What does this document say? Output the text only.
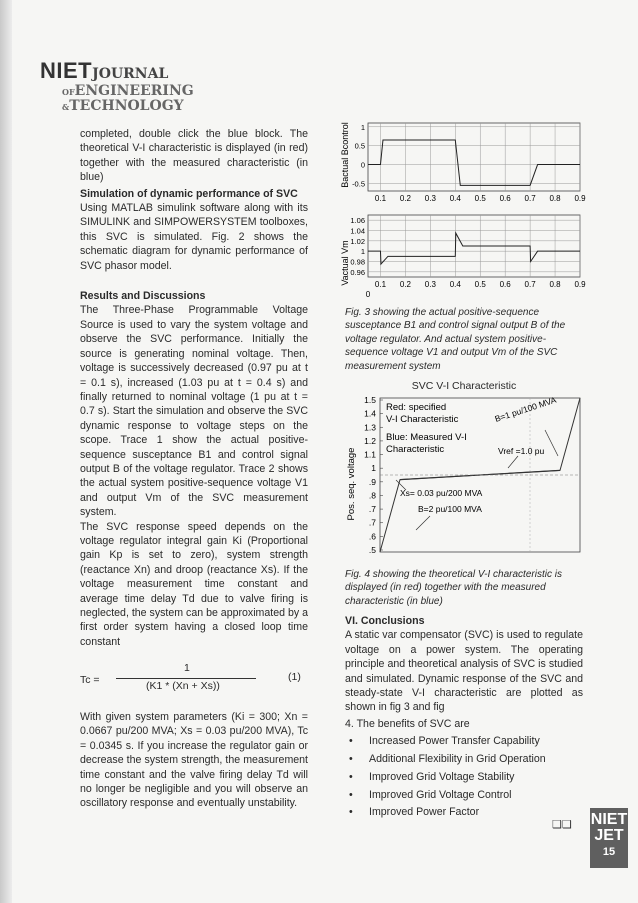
NIETJOURNAL
OFENGINEERING
&TECHNOLOGY

completed, double click the blue block. The theoretical V-I characteristic is displayed (in red) together with the measured characteristic (in blue)

Simulation of dynamic performance of SVC

Using MATLAB simulink software along with its SIMULINK and SIMPOWERSYSTEM toolboxes, this SVC is simulated. Fig. 2 shows the schematic diagram for dynamic performance of SVC phasor model.

Results and Discussions

The Three-Phase Programmable Voltage Source is used to vary the system voltage and observe the SVC performance. Initially the source is generating nominal voltage. Then, voltage is successively decreased (0.97 pu at t = 0.1 s), increased (1.03 pu at t = 0.4 s) and finally returned to nominal voltage (1 pu at t = 0.7 s). Start the simulation and observe the SVC dynamic response to voltage steps on the scope. Trace 1 show the actual positive-sequence susceptance B1 and control signal output B of the voltage regulator. Trace 2 shows the actual system positive-sequence voltage V1 and output Vm of the SVC measurement system.

The SVC response speed depends on the voltage regulator integral gain Ki (Proportional gain Kp is set to zero), system strength (reactance Xn) and droop (reactance Xs). If the voltage measurement time constant and average time delay Td due to valve firing is neglected, the system can be approximated by a first order system having a closed loop time constant

Tc =
1
(K1 * (Xn + Xs))
(1)

With given system parameters (Ki = 300; Xn = 0.0667 pu/200 MVA; Xs = 0.03 pu/200 MVA), Tc = 0.0345 s. If you increase the regulator gain or decrease the system strength, the measurement time constant and the valve firing delay Td will no longer be negligible and you will observe an oscillatory response and eventually unstability.

0.1 0.2 0.3 0.4 0.5 0.6 0.7 0.8 0.9
1
0.5
0
-0.5
0.1 0.2 0.3 0.4 0.5 0.6 0.7 0.8 0.9
1.06
1.04
1.02
1
0.98
0.96
Bactual Bcontrol
Vactual Vm
0
Fig. 3 showing the actual positive-sequence susceptance B1 and control signal output B of the voltage regulator. And actual system positive-sequence voltage V1 and output Vm of the SVC measurement system
SVC V-I Characteristic
1.5
1.4
1.3
1.2
1.1
1
.9
.8
.7
.7
.6
.5
Pos. seq. voltage
Red: specified
V-I Characteristic
Blue: Measured V-I
Characteristic
B=1 pu/100 MVA
Vref =1.0 pu
Xs= 0.03 pu/200 MVA
B=2 pu/100 MVA
Fig. 4 showing the theoretical V-I characteristic is displayed (in red) together with the measured characteristic (in blue)

VI. Conclusions

A static var compensator (SVC) is used to regulate voltage on a power system. The operating principle and theoretical analysis of SVC is studied and simulated. Dynamic response of the SVC and steady-state V-I characteristic are plotted as shown in fig 3 and fig

4. The benefits of SVC are

• Increased Power Transfer Capability
• Additional Flexibility in Grid Operation
• Improved Grid Voltage Stability
• Improved Grid Voltage Control
• Improved Power Factor
❑❑ NIET
JET
15
